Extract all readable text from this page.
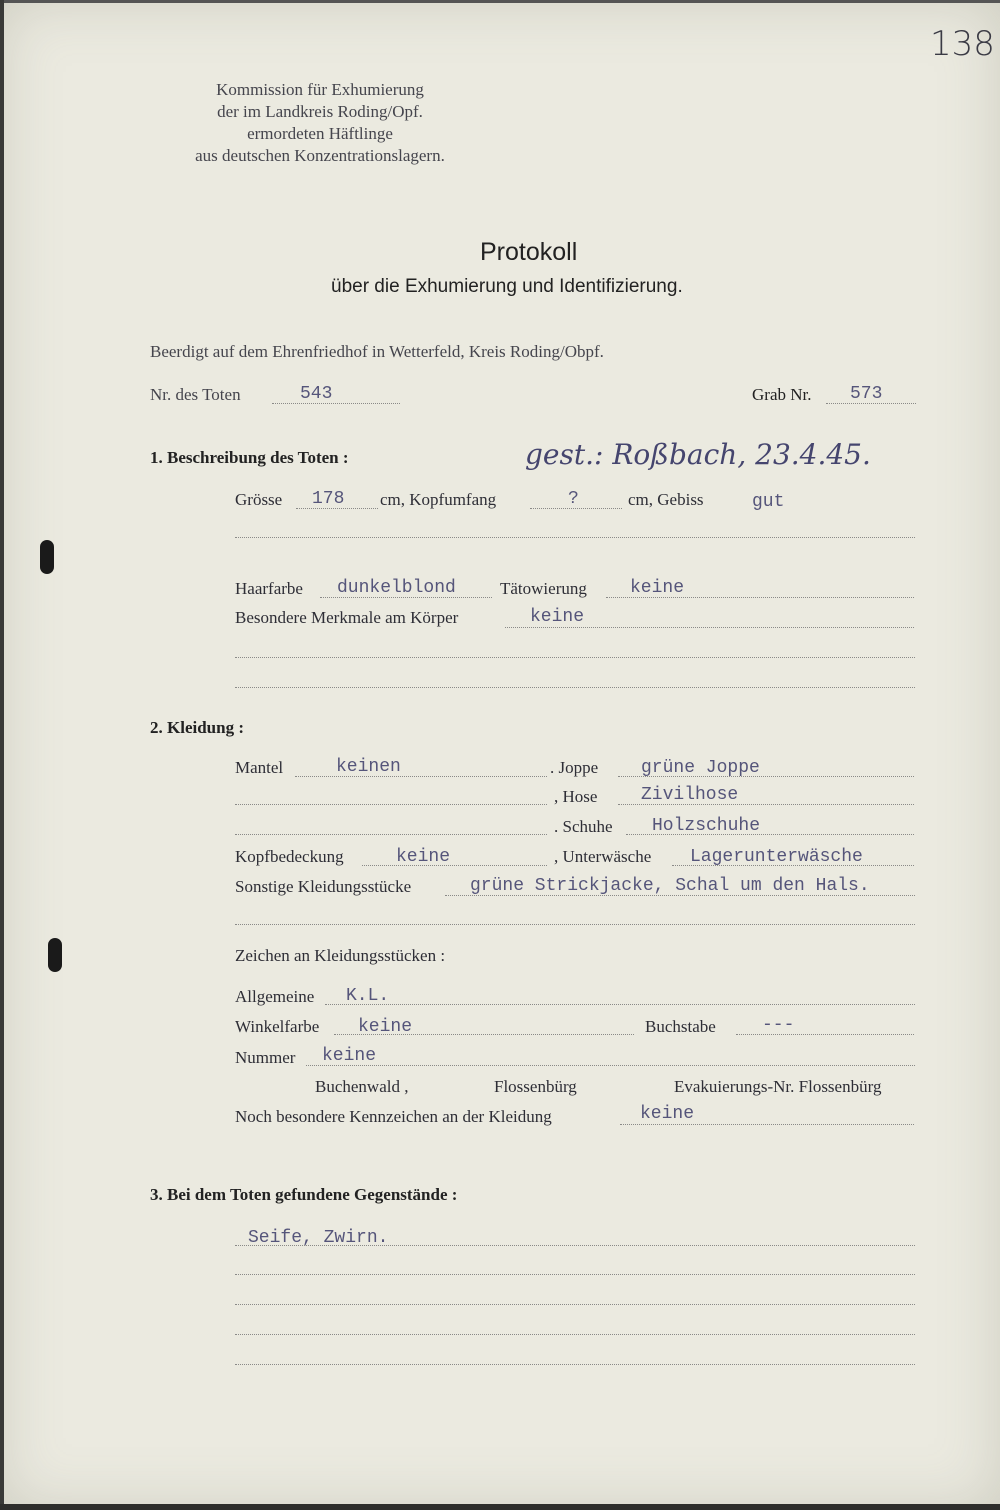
138
Kommission für Exhumierung
der im Landkreis Roding/Opf.
ermordeten Häftlinge
aus deutschen Konzentrationslagern.
Protokoll
über die Exhumierung und Identifizierung.
Beerdigt auf dem Ehrenfriedhof in Wetterfeld, Kreis Roding/Obpf.
Nr. des Toten	543	Grab Nr. 573
1. Beschreibung des Toten :	gest.: Roßbach, 23.4.45.
Grösse 178 cm, Kopfumfang	?	cm, Gebiss	gut
Haarfarbe dunkelblond	Tätowierung keine
Besondere Merkmale am Körper	keine
2. Kleidung :
Mantel	keinen	. Joppe grüne Joppe
, Hose Zivilhose
. Schuhe Holzschuhe
Kopfbedeckung	keine	, Unterwäsche Lagerunterwäsche
Sonstige Kleidungsstücke	grüne Strickjacke, Schal um den Hals.
Zeichen an Kleidungsstücken :
Allgemeine K.L.
Winkelfarbe keine	Buchstabe	---
Nummer keine
Buchenwald ,	Flossenbürg	Evakuierungs-Nr. Flossenbürg
Noch besondere Kennzeichen an der Kleidung	keine
3. Bei dem Toten gefundene Gegenstände :
Seife, Zwirn.
